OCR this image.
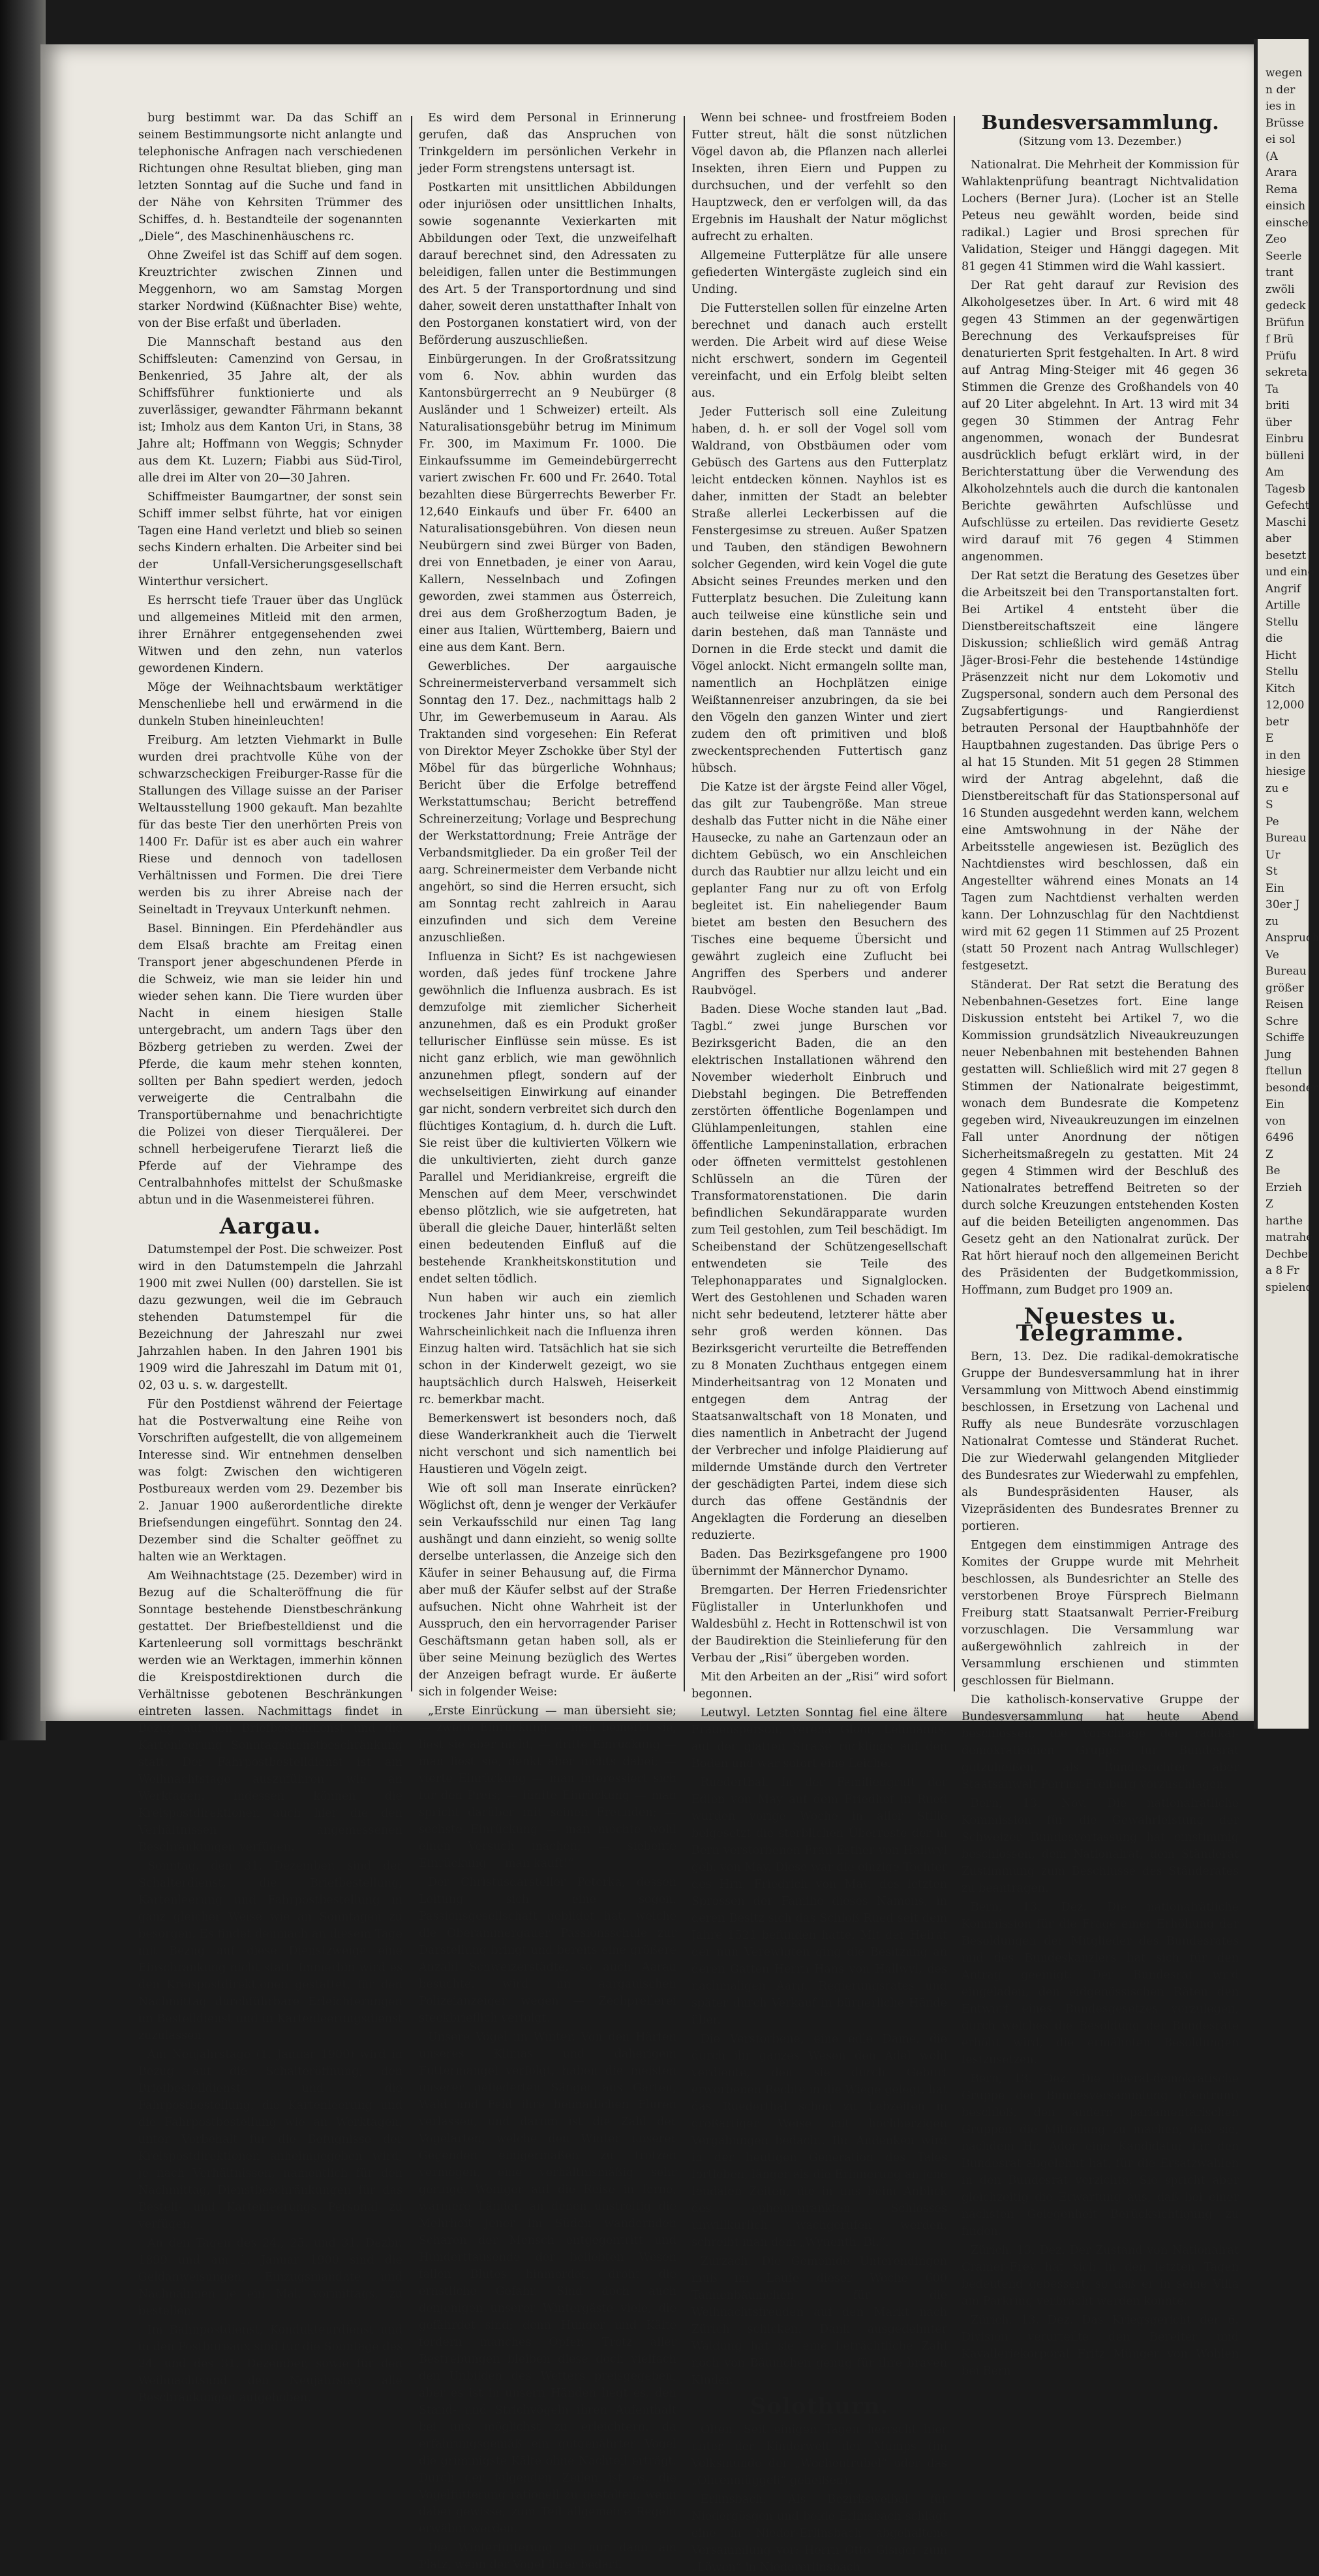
burg bestimmt war. Da das Schiff an seinem Bestimmungsorte nicht anlangte und telephonische Anfragen nach verschiedenen Richtungen ohne Resultat blieben, ging man letzten Sonntag auf die Suche und fand in der Nähe von Kehrsiten Trümmer des Schiffes, d. h. Bestandteile der sogenannten „Diele“, des Maschinenhäuschens rc.

Ohne Zweifel ist das Schiff auf dem sogen. Kreuztrichter zwischen Zinnen und Meggenhorn, wo am Samstag Morgen starker Nordwind (Küßnachter Bise) wehte, von der Bise erfaßt und überladen.

Die Mannschaft bestand aus den Schiffsleuten: Camenzind von Gersau, in Benkenried, 35 Jahre alt, der als Schiffsführer funktionierte und als zuverlässiger, gewandter Fährmann bekannt ist; Imholz aus dem Kanton Uri, in Stans, 38 Jahre alt; Hoffmann von Weggis; Schnyder aus dem Kt. Luzern; Fiabbi aus Süd-Tirol, alle drei im Alter von 20—30 Jahren.

Schiffmeister Baumgartner, der sonst sein Schiff immer selbst führte, hat vor einigen Tagen eine Hand verletzt und blieb so seinen sechs Kindern erhalten. Die Arbeiter sind bei der Unfall-Versicherungsgesellschaft Winterthur versichert.

Es herrscht tiefe Trauer über das Unglück und allgemeines Mitleid mit den armen, ihrer Ernährer entgegensehenden zwei Witwen und den zehn, nun vaterlos gewordenen Kindern.

Möge der Weihnachtsbaum werktätiger Menschenliebe hell und erwärmend in die dunkeln Stuben hineinleuchten!

Freiburg. Am letzten Viehmarkt in Bulle wurden drei prachtvolle Kühe von der schwarzscheckigen Freiburger-Rasse für die Stallungen des Village suisse an der Pariser Weltausstellung 1900 gekauft. Man bezahlte für das beste Tier den unerhörten Preis von 1400 Fr. Dafür ist es aber auch ein wahrer Riese und dennoch von tadellosen Verhältnissen und Formen. Die drei Tiere werden bis zu ihrer Abreise nach der Seineltadt in Treyvaux Unterkunft nehmen.

Basel. Binningen. Ein Pferdehändler aus dem Elsaß brachte am Freitag einen Transport jener abgeschundenen Pferde in die Schweiz, wie man sie leider hin und wieder sehen kann. Die Tiere wurden über Nacht in einem hiesigen Stalle untergebracht, um andern Tags über den Bözberg getrieben zu werden. Zwei der Pferde, die kaum mehr stehen konnten, sollten per Bahn spediert werden, jedoch verweigerte die Centralbahn die Transportübernahme und benachrichtigte die Polizei von dieser Tierquälerei. Der schnell herbeigerufene Tierarzt ließ die Pferde auf der Viehrampe des Centralbahnhofes mittelst der Schußmaske abtun und in die Wasenmeisterei führen.

Aargau.

Datumstempel der Post. Die schweizer. Post wird in den Datumstempeln die Jahrzahl 1900 mit zwei Nullen (00) darstellen. Sie ist dazu gezwungen, weil die im Gebrauch stehenden Datumstempel für die Bezeichnung der Jahreszahl nur zwei Jahrzahlen haben. In den Jahren 1901 bis 1909 wird die Jahreszahl im Datum mit 01, 02, 03 u. s. w. dargestellt.

Für den Postdienst während der Feiertage hat die Postverwaltung eine Reihe von Vorschriften aufgestellt, die von allgemeinem Interesse sind. Wir entnehmen denselben was folgt: Zwischen den wichtigeren Postbureaux werden vom 29. Dezember bis 2. Januar 1900 außerordentliche direkte Briefsendungen eingeführt. Sonntag den 24. Dezember sind die Schalter geöffnet zu halten wie an Werktagen.

Am Weihnachtstage (25. Dezember) wird in Bezug auf die Schalteröffnung die für Sonntage bestehende Dienstbeschränkung gestattet. Der Briefbestelldienst und die Kartenleerung soll vormittags beschränkt werden wie an Werktagen, immerhin können die Kreispostdirektionen durch die Verhältnisse gebotenen Beschränkungen eintreten lassen. Nachmittags findet in Bezug auf den Briefbestelldienst und die Kartenleerung Sonntagsdienstbeschränkung statt. Der Fahrpostbestelldienst ist am Weihnachtstage auszuführen wie an Werktagen, indessen können die Kreispostdirektionen auch hier die den Verhältnissen angemessenen Beschränkungen verfügen.

Sonntag, den 31. Dezember, sind der Schalterdienst, die Briefbestellung, Kartenleerung und Fahrpostbestellung in ganz gleicher Weise wie an Sonntagen zu besorgen. Es findet demnach an diesem Tage mit Bezug auf diese Dienstzweige eine Einschränkung nicht statt. Immerhin wird es den Kreispostdirektionen gestattet, für den Nachmittag durchführbare Erleichterungen im Bestelldienst und in Kartenleerungsdienst zuzulassen.

Am Neujahrstage (1. Januar 1900) wird in Bezug auf die Schalteröffnung, den Briefbestelldienst und die Fahrpostbestellung, die Kartenleerung und die Fahrpostbestellung wie an Werktagen, unter Vorbehalt für die Befugnisse der Kreispostdirektionen anheimgegeben wird, je nach Verhältnissen, namentlich für den Nachmittag, Dienstbeschränkungen für das Bestell- und Kartenleerungs Personal zu verfügen.

An den Tagen des 24., 25. und 31. Dezbr. 1899 und am 1. Januar 1900 sind die Geldanweisungen, Einzugsmandate und Nachnahmen je ein Mal, vormittags, zu bestellen.

Im Bahnpostdienst, Kondukteurdienst und in den Postbureaux sind für die Sonntage des 24. und des 31. Dezember, sowie für den Weihnachtsund den Neujahrstag alle Beschränkungen aufgehoben.

Es wird dem Personal in Erinnerung gerufen, daß das Anspruchen von Trinkgeldern im persönlichen Verkehr in jeder Form strengstens untersagt ist.

Postkarten mit unsittlichen Abbildungen oder injuriösen oder unsittlichen Inhalts, sowie sogenannte Vexierkarten mit Abbildungen oder Text, die unzweifelhaft darauf berechnet sind, den Adressaten zu beleidigen, fallen unter die Bestimmungen des Art. 5 der Transportordnung und sind daher, soweit deren unstatthafter Inhalt von den Postorganen konstatiert wird, von der Beförderung auszuschließen.

Einbürgerungen. In der Großratssitzung vom 6. Nov. abhin wurden das Kantonsbürgerrecht an 9 Neubürger (8 Ausländer und 1 Schweizer) erteilt. Als Naturalisationsgebühr betrug im Minimum Fr. 300, im Maximum Fr. 1000. Die Einkaufssumme im Gemeindebürgerrecht variert zwischen Fr. 600 und Fr. 2640. Total bezahlten diese Bürgerrechts Bewerber Fr. 12,640 Einkaufs und über Fr. 6400 an Naturalisationsgebühren. Von diesen neun Neubürgern sind zwei Bürger von Baden, drei von Ennetbaden, je einer von Aarau, Kallern, Nesselnbach und Zofingen geworden, zwei stammen aus Österreich, drei aus dem Großherzogtum Baden, je einer aus Italien, Württemberg, Baiern und eine aus dem Kant. Bern.

Gewerbliches. Der aargauische Schreinermeisterverband versammelt sich Sonntag den 17. Dez., nachmittags halb 2 Uhr, im Gewerbemuseum in Aarau. Als Traktanden sind vorgesehen: Ein Referat von Direktor Meyer Zschokke über Styl der Möbel für das bürgerliche Wohnhaus; Bericht über die Erfolge betreffend Werkstattumschau; Bericht betreffend Schreinerzeitung; Vorlage und Besprechung der Werkstattordnung; Freie Anträge der Verbandsmitglieder. Da ein großer Teil der aarg. Schreinermeister dem Verbande nicht angehört, so sind die Herren ersucht, sich am Sonntag recht zahlreich in Aarau einzufinden und sich dem Vereine anzuschließen.

Influenza in Sicht? Es ist nachgewiesen worden, daß jedes fünf trockene Jahre gewöhnlich die Influenza ausbrach. Es ist demzufolge mit ziemlicher Sicherheit anzunehmen, daß es ein Produkt großer tellurischer Einflüsse sein müsse. Es ist nicht ganz erblich, wie man gewöhnlich anzunehmen pflegt, sondern auf der wechselseitigen Einwirkung auf einander gar nicht, sondern verbreitet sich durch den flüchtiges Kontagium, d. h. durch die Luft. Sie reist über die kultivierten Völkern wie die unkultivierten, zieht durch ganze Parallel und Meridiankreise, ergreift die Menschen auf dem Meer, verschwindet ebenso plötzlich, wie sie aufgetreten, hat überall die gleiche Dauer, hinterläßt selten einen bedeutenden Einfluß auf die bestehende Krankheitskonstitution und endet selten tödlich.

Nun haben wir auch ein ziemlich trockenes Jahr hinter uns, so hat aller Wahrscheinlichkeit nach die Influenza ihren Einzug halten wird. Tatsächlich hat sie sich schon in der Kinderwelt gezeigt, wo sie hauptsächlich durch Halsweh, Heiserkeit rc. bemerkbar macht.

Bemerkenswert ist besonders noch, daß diese Wanderkrankheit auch die Tierwelt nicht verschont und sich namentlich bei Haustieren und Vögeln zeigt.

Wie oft soll man Inserate einrücken? Wöglichst oft, denn je wenger der Verkäufer sein Verkaufsschild nur einen Tag lang aushängt und dann einzieht, so wenig sollte derselbe unterlassen, die Anzeige sich den Käufer in seiner Behausung auf, die Firma aber muß der Käufer selbst auf der Straße aufsuchen. Nicht ohne Wahrheit ist der Ausspruch, den ein hervorragender Pariser Geschäftsmann getan haben soll, als er über seine Meinung bezüglich des Wertes der Anzeigen befragt wurde. Er äußerte sich in folgender Weise:

„Erste Einrückung — man übersieht sie; — zweite Einrückung — man bemerkt sie, liest sie aber nicht; — dritte Einrückung — man liest sie, denkt aber nichts dabei; — vierte Einrückung — man interessiert sich für den Preis; — fünfte Einrückung — man spricht darüber mit seinen Freunden; — sechste Einrückung — man möchte wohl einen Versuch machen; — siebente Einrückung — man kauft!“

Der Christusdarsteller Peterka, dessen Leitung sich eine sogen. Passionsgesellschaft gebildet hat, welche die Oberammergauer Passionsschule zur Darstellung bringt und bereits eine größere Anzahl Schweizerstädte, so auch Aarau besuchte, wird im aargauischen Polizeianzeiger wegen — Zechprellerei steckbrieflich verfolgt.

Unsere Vögel im Winter. Von den Härten unseres Klimas und daherigem Futtermangel verfolgt, haben die meisten unserer gefiederten Sänger aus Garten, Wald und Feld ihre heimatlichen Fluren verlassen, und darum ist die Zahl der Vogelarten, welche den Winter unserer Gegenden einigermaßen zu trotzen vermögen, eine verhältnismäßig sehr geringe. Weniger auf die Reise in ferne, wärmere Länder, an denen unstreitig die Mehrheit jener im Süden wandernden Scharen der Mensch entgegentritt und Hunderttausende der beliebten Wesen fallen Blutes hinmordet, droht die ernstliche Gefahr. Sind doch auch denjenigen unserer Wintergäste viele, die gefährdet sind; denn Hunger und Kälte fordern manches Opfer. Trotz aller Bestrebungen bleiben diese doch vielfach den Unbilden des Wetters preisgegeben, aber es ist in unsern Händen liegt es, den Stand- und Strichvögeln ihren Aufenthalt bei uns möglichst zu erleichtern, da erfahrungsgemäß ein gutgenährter Vogel die grimmigste Kälte ohne Nachteil erträgt. Durch der folgenden Zeilen ist es, die Vogelfütterung rationell zu gestalten, wenn dabei gewisse, zum Teil allgemeine Regeln erwähnt werden.

Die Winterfütterung ist nur dann am Platz, wenn der Vogel ihrer bedarf.

Wenn bei schnee- und frostfreiem Boden Futter streut, hält die sonst nützlichen Vögel davon ab, die Pflanzen nach allerlei Insekten, ihren Eiern und Puppen zu durchsuchen, und der verfehlt so den Hauptzweck, den er verfolgen will, da das Ergebnis im Haushalt der Natur möglichst aufrecht zu erhalten.

Allgemeine Futterplätze für alle unsere gefiederten Wintergäste zugleich sind ein Unding.

Die Futterstellen sollen für einzelne Arten berechnet und danach auch erstellt werden. Die Arbeit wird auf diese Weise nicht erschwert, sondern im Gegenteil vereinfacht, und ein Erfolg bleibt selten aus.

Jeder Futterisch soll eine Zuleitung haben, d. h. er soll der Vogel soll vom Waldrand, von Obstbäumen oder vom Gebüsch des Gartens aus den Futterplatz leicht entdecken können. Nayhlos ist es daher, inmitten der Stadt an belebter Straße allerlei Leckerbissen auf die Fenstergesimse zu streuen. Außer Spatzen und Tauben, den ständigen Bewohnern solcher Gegenden, wird kein Vogel die gute Absicht seines Freundes merken und den Futterplatz besuchen. Die Zuleitung kann auch teilweise eine künstliche sein und darin bestehen, daß man Tannäste und Dornen in die Erde steckt und damit die Vögel anlockt. Nicht ermangeln sollte man, namentlich an Hochplätzen einige Weißtannenreiser anzubringen, da sie bei den Vögeln den ganzen Winter und ziert zudem den oft primitiven und bloß zweckentsprechenden Futtertisch ganz hübsch.

Die Katze ist der ärgste Feind aller Vögel, das gilt zur Taubengröße. Man streue deshalb das Futter nicht in die Nähe einer Hausecke, zu nahe an Gartenzaun oder an dichtem Gebüsch, wo ein Anschleichen durch das Raubtier nur allzu leicht und ein geplanter Fang nur zu oft von Erfolg begleitet ist. Ein naheliegender Baum bietet am besten den Besuchern des Tisches eine bequeme Übersicht und gewährt zugleich eine Zuflucht bei Angriffen des Sperbers und anderer Raubvögel.

Baden. Diese Woche standen laut „Bad. Tagbl.“ zwei junge Burschen vor Bezirksgericht Baden, die an den elektrischen Installationen während den November wiederholt Einbruch und Diebstahl begingen. Die Betreffenden zerstörten öffentliche Bogenlampen und Glühlampenleitungen, stahlen eine öffentliche Lampeninstallation, erbrachen oder öffneten vermittelst gestohlenen Schlüsseln an die Türen der Transformatorenstationen. Die darin befindlichen Sekundärapparate wurden zum Teil gestohlen, zum Teil beschädigt. Im Scheibenstand der Schützengesellschaft entwendeten sie Teile des Telephonapparates und Signalglocken. Wert des Gestohlenen und Schaden waren nicht sehr bedeutend, letzterer hätte aber sehr groß werden können. Das Bezirksgericht verurteilte die Betreffenden zu 8 Monaten Zuchthaus entgegen einem Minderheitsantrag von 12 Monaten und entgegen dem Antrag der Staatsanwaltschaft von 18 Monaten, und dies namentlich in Anbetracht der Jugend der Verbrecher und infolge Plaidierung auf mildernde Umstände durch den Vertreter der geschädigten Partei, indem diese sich durch das offene Geständnis der Angeklagten die Forderung an dieselben reduzierte.

Baden. Das Bezirksgefangene pro 1900 übernimmt der Männerchor Dynamo.

Bremgarten. Der Herren Friedensrichter Füglistaller in Unterlunkhofen und Waldesbühl z. Hecht in Rottenschwil ist von der Baudirektion die Steinlieferung für den Verbau der „Risi“ übergeben worden.

Mit den Arbeiten an der „Risi“ wird sofort begonnen.

Leutwyl. Letzten Sonntag fiel eine ältere Frauensperson, Verena Gloor, Lehmanns, auf der glatten Straße rücklings auf den Boden und war sofort eine Leiche.

Ruederthal. In der Familiengruft der Edlen von May auf dem Friedhof in Rued wurden vorige Woche in aller Stille beigesetzt die sterblichen Überreste der in Bern verstorbenen Frau Esther von Hallwyl geb. von May. Diese war die einzige Tochter des Hrn. Friedrich von May, des letzten Sprossen der Familie dieses Namens, in deren Besitz sich das Schloß Rued seit dem Jahre 1521 befunden hatte. Mit der Heirat der nun Verewigten ging die Besitzung an deren Gatten Herrn Hans von Hallwyl, des nachmaligen Aarg. Regierungsrates und später durch Verkauf in bürgerliche Hände über.

Die Verstorbene, eine edle Dame, die durch ihr ganzes Wesen den Adel wohl verdiente, den sie durch Geburt erworbenen Rechte in die Wiege gelegt, hat das Ruederthal schon zu Lebzeiten in großartiger Weise mit hochherzigen Vergabungen bedacht. Ihr Andenken wird in der heutigen Generation des Tales fortleben, länger als die Erinnerung an jene feudalen Zeiten, die in uns beim Anblick des epheuumrankten Schlosses unwillkürlich wachgerufen werden, schreibt man dem „Wynenth. Bl.“.

Zurzach. Die Gemeinde Unterendingen muß im Laufe dieser Woche 600 Tannenbäumchen für die Weihnachtsfreuden auf den Markt nach Zürich schicken. Dank ausgedehnter Waldung hat sie eine beträchtliche Zahl noch von Bäumchen genug für ihre braven Kinder.

Solothurn.

Olten. Seit einigen Tagen herrscht hier unter der Kinderwelt der Mumps (im Volksmunde der „Wochentrubel“ oder das „Öhrenmüggeli“ geheißen).

Erlinsbach. Als Bezirksweibel für Niedergösgen und beide Erlinsbach schlägt eine in Nieder-Erlinsbach abgehaltene Versammlung vor: Herrn Otto Gisiger zum „Löwen“ in Niedererlinsbach.

Bundesversammlung.
(Sitzung vom 13. Dezember.)

Nationalrat. Die Mehrheit der Kommission für Wahlaktenprüfung beantragt Nichtvalidation Lochers (Berner Jura). (Locher ist an Stelle Peteus neu gewählt worden, beide sind radikal.) Lagier und Brosi sprechen für Validation, Steiger und Hänggi dagegen. Mit 81 gegen 41 Stimmen wird die Wahl kassiert.

Der Rat geht darauf zur Revision des Alkoholgesetzes über. In Art. 6 wird mit 48 gegen 43 Stimmen an der gegenwärtigen Berechnung des Verkaufspreises für denaturierten Sprit festgehalten. In Art. 8 wird auf Antrag Ming-Steiger mit 46 gegen 36 Stimmen die Grenze des Großhandels von 40 auf 20 Liter abgelehnt. In Art. 13 wird mit 34 gegen 30 Stimmen der Antrag Fehr angenommen, wonach der Bundesrat ausdrücklich befugt erklärt wird, in der Berichterstattung über die Verwendung des Alkoholzehntels auch die durch die kantonalen Berichte gewährten Aufschlüsse und Aufschlüsse zu erteilen. Das revidierte Gesetz wird darauf mit 76 gegen 4 Stimmen angenommen.

Der Rat setzt die Beratung des Gesetzes über die Arbeitszeit bei den Transportanstalten fort. Bei Artikel 4 entsteht über die Dienstbereitschaftszeit eine längere Diskussion; schließlich wird gemäß Antrag Jäger-Brosi-Fehr die bestehende 14stündige Präsenzzeit nicht nur dem Lokomotiv und Zugspersonal, sondern auch dem Personal des Zugsabfertigungs- und Rangierdienst betrauten Personal der Hauptbahnhöfe der Hauptbahnen zugestanden. Das übrige Pers o al hat 15 Stunden. Mit 51 gegen 28 Stimmen wird der Antrag abgelehnt, daß die Dienstbereitschaft für das Stationspersonal auf 16 Stunden ausgedehnt werden kann, welchem eine Amtswohnung in der Nähe der Arbeitsstelle angewiesen ist. Bezüglich des Nachtdienstes wird beschlossen, daß ein Angestellter während eines Monats an 14 Tagen zum Nachtdienst verhalten werden kann. Der Lohnzuschlag für den Nachtdienst wird mit 62 gegen 11 Stimmen auf 25 Prozent (statt 50 Prozent nach Antrag Wullschleger) festgesetzt.

Ständerat. Der Rat setzt die Beratung des Nebenbahnen-Gesetzes fort. Eine lange Diskussion entsteht bei Artikel 7, wo die Kommission grundsätzlich Niveaukreuzungen neuer Nebenbahnen mit bestehenden Bahnen gestatten will. Schließlich wird mit 27 gegen 8 Stimmen der Nationalrate beigestimmt, wonach dem Bundesrate die Kompetenz gegeben wird, Niveaukreuzungen im einzelnen Fall unter Anordnung der nötigen Sicherheitsmaßregeln zu gestatten. Mit 24 gegen 4 Stimmen wird der Beschluß des Nationalrates betreffend Beitreten so der durch solche Kreuzungen entstehenden Kosten auf die beiden Beteiligten angenommen. Das Gesetz geht an den Nationalrat zurück. Der Rat hört hierauf noch den allgemeinen Bericht des Präsidenten der Budgetkommission, Hoffmann, zum Budget pro 1909 an.

Neuestes u. Telegramme.

Bern, 13. Dez. Die radikal-demokratische Gruppe der Bundesversammlung hat in ihrer Versammlung von Mittwoch Abend einstimmig beschlossen, in Ersetzung von Lachenal und Ruffy als neue Bundesräte vorzuschlagen Nationalrat Comtesse und Ständerat Ruchet. Die zur Wiederwahl gelangenden Mitglieder des Bundesrates zur Wiederwahl zu empfehlen, als Bundespräsidenten Hauser, als Vizepräsidenten des Bundesrates Brenner zu portieren.

Entgegen dem einstimmigen Antrage des Komites der Gruppe wurde mit Mehrheit beschlossen, als Bundesrichter an Stelle des verstorbenen Broye Fürsprech Bielmann Freiburg statt Staatsanwalt Perrier-Freiburg vorzuschlagen. Die Versammlung war außergewöhnlich zahlreich in der Versammlung erschienen und stimmten geschlossen für Bielmann.

Die katholisch-konservative Gruppe der Bundesversammlung hat heute Abend beschlossen, die Vorschläge der radikal-demokratischen Gruppe für Bundesrat gutzuheißen, als Bundesrichter aber Staatsanwalt Perrier-Freiburg vorzuschlagen.

Bern, 13. Nov. Die nationalrätliche Kommission für die Gewährleistung der Schweizer Bundesverfassung hat einstimmig beschlossen, dem Nationalrat, dem Ständerat Zustimmung zum Beschlusse des Ständerates zu beantragen.

Bern, 13. Dez. Die nationalrätliche Kommission für die Frage einer Erhöhung der Besoldungen der Mitglieder des Bundesrates und des Bundeskanzlers hat sich für den Antrag geeinigt: Der Bundesrat wird eingeladen, den eidgenössischen Räten den Entwurf eines Bundesgesetzes vorzulegen, durch welches die Besoldung der Bundesräte erhöht wird, die ermähnten Besoldungen festzusetzen.

Bern, 13. Dez. Die liberal-demokratische Gruppe der Bundesversammlung (Centrum) beschloß, den andern parlamentarischen Gruppen die Mitteilung zu machen, daß sie, nachdem Hr. Ador eine Kandidatur für den Bundesrat abgelehnt hat, für die Ersatzwahlen in den Bundesrat verzichte. Sie spricht aber gleichzeitig die Erwartung aus, daß bei einer nächsten Gelegenheit Berücksichtigung zu finden.

Zürich, 13. Dez. Der Zustand von Nationalrat Cramer-Frey hat sich in den letzten Tagen bedeutend gebessert, so daß er in seine Villa am Parkring verbracht werden konnte.

Zürich, 13. Dez. Das Kriegsgericht der 6. Division verurteilte den Bereiter und Kavalleriekorporal Fritz Münger von Wohlen bei Bern

wegen
n der
ies in
Brüsse
ei sol
(A
Arara
Rema
einsich
einsche
Zeo
Seerle
trant
zwöli
gedeck
Brüfun
f Brü
Prüfu
sekreta
Ta
briti
über
Einbru
bülleni
Am
Tagesb
Gefecht
Maschi
aber
besetzt
und eine
Angrif
Artille
Stellu
die
Hicht
Stellu
Kitch
12,000
betr
E
in den
hiesige
zu e
S
Pe
Bureau
Ur
St
Ein
30er J
zu
Anspruch
Ve
Bureau
größer
Reisen
Schre
Schiffe
Jung
ftellun
besonder
Ein
von
6496
Z
Be
Erzieh
Z
harthe
matrahe
Dechbet
a 8 Fr
spielend
